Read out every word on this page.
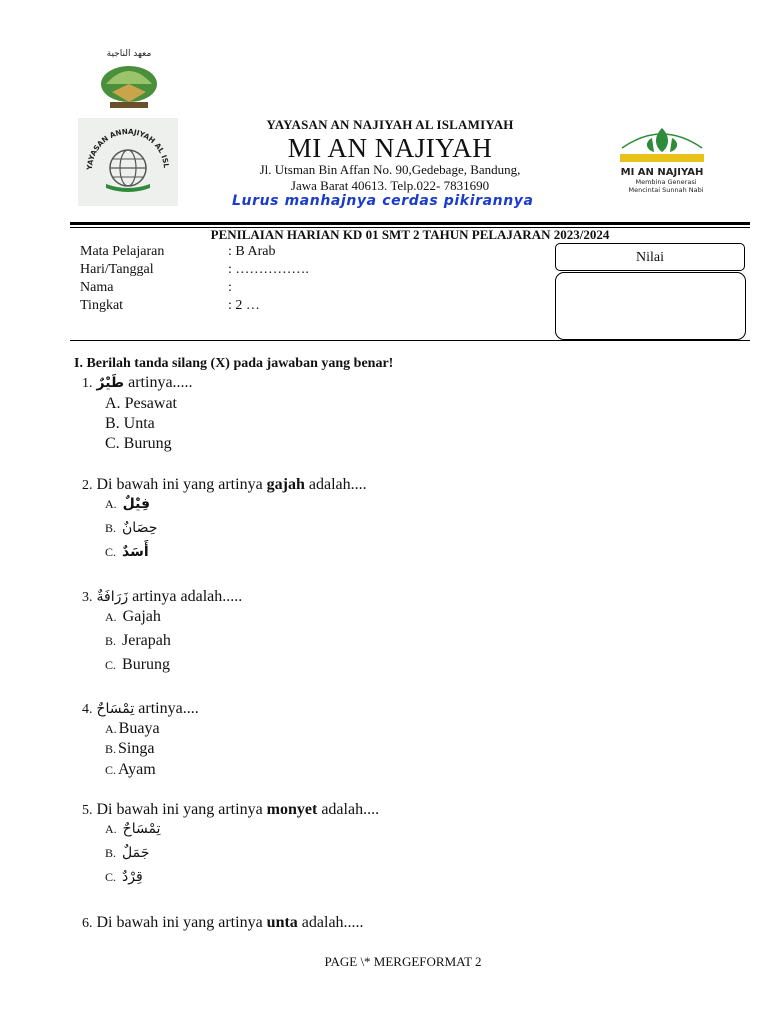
معهد الناجية
YAYASAN ANNAJIYAH AL ISL
MI AN NAJIYAH
Membina Generasi
Mencintai Sunnah Nabi
YAYASAN AN NAJIYAH AL ISLAMIYAH
MI AN NAJIYAH
Jl. Utsman Bin Affan No. 90,Gedebage, Bandung,
Jawa Barat 40613. Telp.022- 7831690
Lurus manhajnya cerdas pikirannya
PENILAIAN HARIAN KD 01 SMT 2 TAHUN PELAJARAN 2023/2024
Mata Pelajaran	: B Arab
Hari/Tanggal	: …………….
Nama	:
Tingkat	: 2 …
Nilai
I. Berilah tanda silang (X) pada jawaban yang benar!
1. طَيْرٌ artinya.....
A. Pesawat
B. Unta
C. Burung
2. Di bawah ini yang artinya gajah adalah....
A. فِيْلٌ
B. حِصَانٌ
C. أَسَدٌ
3. زَرَافَةٌ artinya adalah.....
A. Gajah
B. Jerapah
C. Burung
4. تِمْسَاحٌ artinya....
A. Buaya
B. Singa
C. Ayam
5. Di bawah ini yang artinya monyet adalah....
A. تِمْسَاحٌ
B. جَمَلٌ
C. قِرْدٌ
6. Di bawah ini yang artinya unta adalah.....
PAGE \* MERGEFORMAT 2
